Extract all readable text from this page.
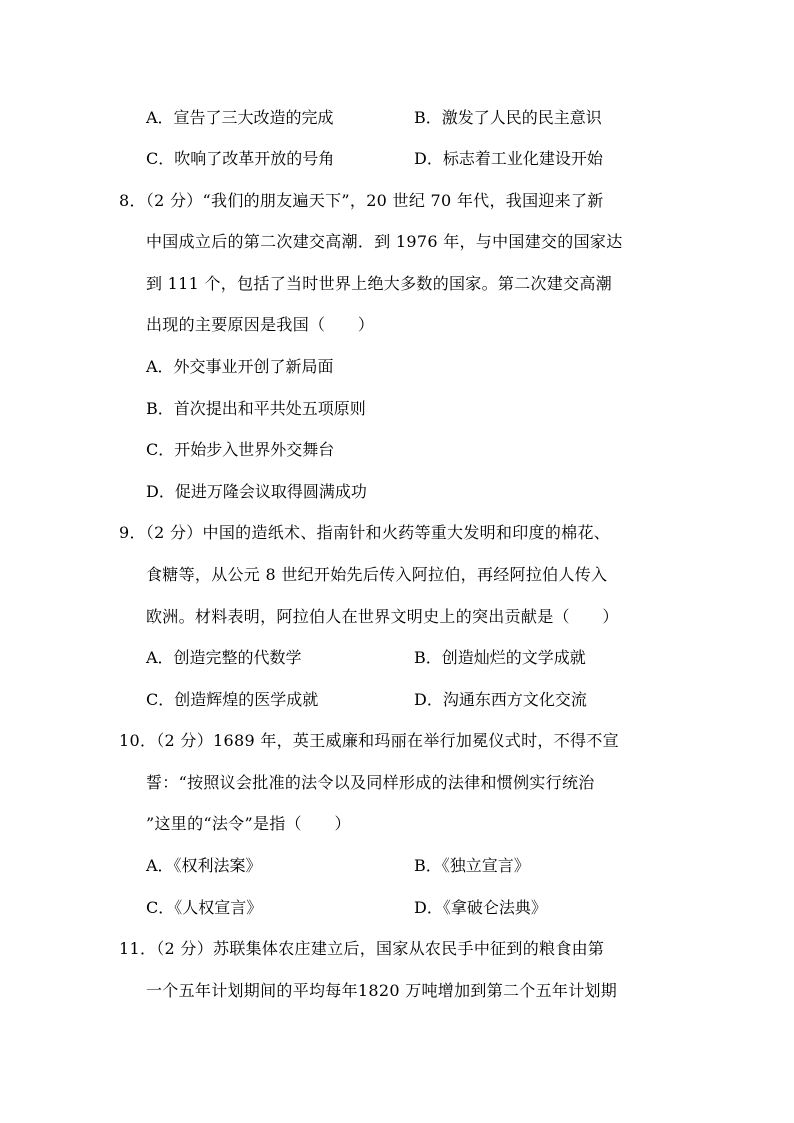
A．宣告了三大改造的完成	B．激发了人民的民主意识
C．吹响了改革开放的号角	D．标志着工业化建设开始
8．（2 分）“我们的朋友遍天下”，20 世纪 70 年代，我国迎来了新
中国成立后的第二次建交高潮．到 1976 年，与中国建交的国家达
到 111 个，包括了当时世界上绝大多数的国家。第二次建交高潮
出现的主要原因是我国（　　）
A．外交事业开创了新局面
B．首次提出和平共处五项原则
C．开始步入世界外交舞台
D．促进万隆会议取得圆满成功
9．（2 分）中国的造纸术、指南针和火药等重大发明和印度的棉花、
食糖等，从公元 8 世纪开始先后传入阿拉伯，再经阿拉伯人传入
欧洲。材料表明，阿拉伯人在世界文明史上的突出贡献是（　　）
A．创造完整的代数学	B．创造灿烂的文学成就
C．创造辉煌的医学成就	D．沟通东西方文化交流
10．（2 分）1689 年，英王威廉和玛丽在举行加冕仪式时，不得不宣
誓：“按照议会批准的法令以及同样形成的法律和惯例实行统治
”这里的“法令”是指（　　）
A．《权利法案》	B．《独立宣言》
C．《人权宣言》	D．《拿破仑法典》
11．（2 分）苏联集体农庄建立后，国家从农民手中征到的粮食由第
一个五年计划期间的平均每年1820 万吨增加到第二个五年计划期
